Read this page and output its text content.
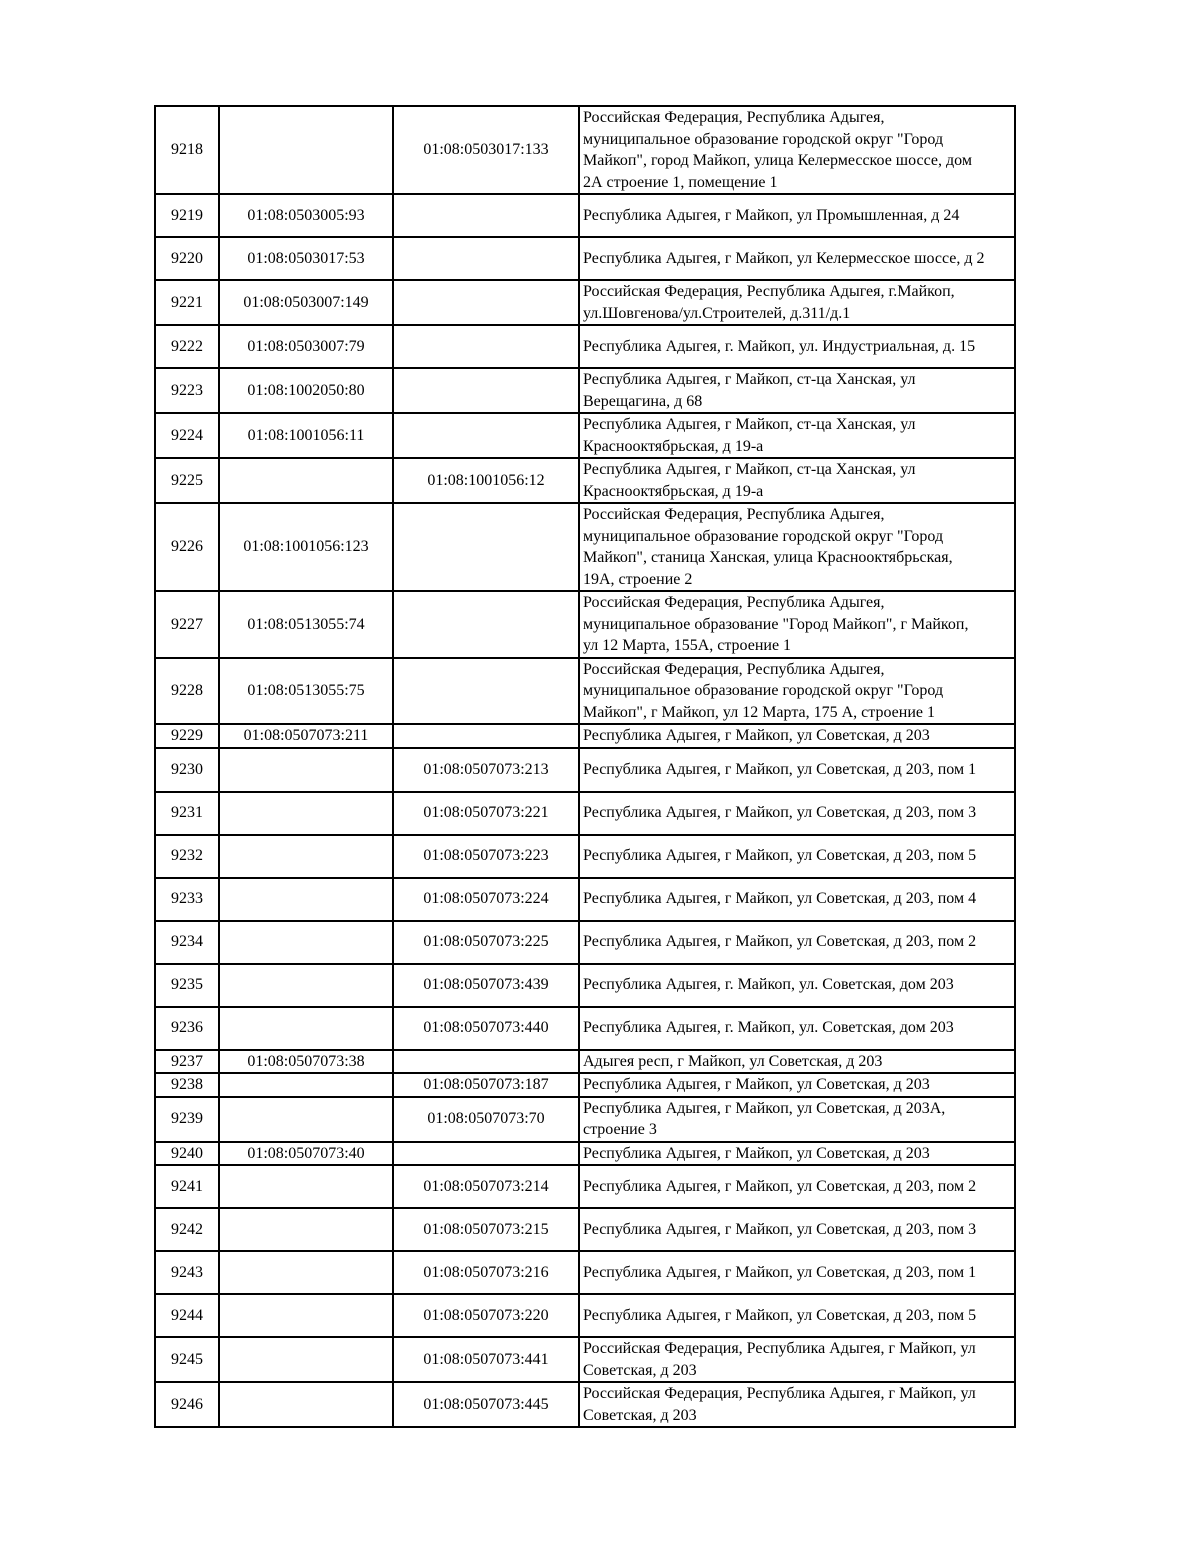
9218		01:08:0503017:133	Российская Федерация, Республика Адыгея,
муниципальное образование городской округ "Город
Майкоп", город Майкоп, улица Келермесское шоссе, дом
2А строение 1, помещение 1

9219	01:08:0503005:93		Республика Адыгея, г Майкоп, ул Промышленная, д 24

9220	01:08:0503017:53		Республика Адыгея, г Майкоп, ул Келермесское шоссе, д 2

9221	01:08:0503007:149		Российская Федерация, Республика Адыгея, г.Майкоп,
ул.Шовгенова/ул.Строителей, д.311/д.1

9222	01:08:0503007:79		Республика Адыгея, г. Майкоп, ул. Индустриальная, д. 15

9223	01:08:1002050:80		Республика Адыгея, г Майкоп, ст-ца Ханская, ул
Верещагина, д 68

9224	01:08:1001056:11		Республика Адыгея, г Майкоп, ст-ца Ханская, ул
Краснооктябрьская, д 19-а

9225		01:08:1001056:12	Республика Адыгея, г Майкоп, ст-ца Ханская, ул
Краснооктябрьская, д 19-а

9226	01:08:1001056:123		Российская Федерация, Республика Адыгея,
муниципальное образование городской округ "Город
Майкоп", станица Ханская, улица Краснооктябрьская,
19А, строение 2

9227	01:08:0513055:74		Российская Федерация, Республика Адыгея,
муниципальное образование "Город Майкоп", г Майкоп,
ул 12 Марта, 155А, строение 1

9228	01:08:0513055:75		Российская Федерация, Республика Адыгея,
муниципальное образование городской округ "Город
Майкоп", г Майкоп, ул 12 Марта, 175 А, строение 1

9229	01:08:0507073:211		Республика Адыгея, г Майкоп, ул Советская, д 203

9230		01:08:0507073:213	Республика Адыгея, г Майкоп, ул Советская, д 203, пом 1

9231		01:08:0507073:221	Республика Адыгея, г Майкоп, ул Советская, д 203, пом 3

9232		01:08:0507073:223	Республика Адыгея, г Майкоп, ул Советская, д 203, пом 5

9233		01:08:0507073:224	Республика Адыгея, г Майкоп, ул Советская, д 203, пом 4

9234		01:08:0507073:225	Республика Адыгея, г Майкоп, ул Советская, д 203, пом 2

9235		01:08:0507073:439	Республика Адыгея, г. Майкоп, ул. Советская, дом 203

9236		01:08:0507073:440	Республика Адыгея, г. Майкоп, ул. Советская, дом 203

9237	01:08:0507073:38		Адыгея респ, г Майкоп, ул Советская, д 203

9238		01:08:0507073:187	Республика Адыгея, г Майкоп, ул Советская, д 203

9239		01:08:0507073:70	Республика Адыгея, г Майкоп, ул Советская, д 203А,
строение 3

9240	01:08:0507073:40		Республика Адыгея, г Майкоп, ул Советская, д 203

9241		01:08:0507073:214	Республика Адыгея, г Майкоп, ул Советская, д 203, пом 2

9242		01:08:0507073:215	Республика Адыгея, г Майкоп, ул Советская, д 203, пом 3

9243		01:08:0507073:216	Республика Адыгея, г Майкоп, ул Советская, д 203, пом 1

9244		01:08:0507073:220	Республика Адыгея, г Майкоп, ул Советская, д 203, пом 5

9245		01:08:0507073:441	Российская Федерация, Республика Адыгея, г Майкоп, ул
Советская, д 203

9246		01:08:0507073:445	Российская Федерация, Республика Адыгея, г Майкоп, ул
Советская, д 203
